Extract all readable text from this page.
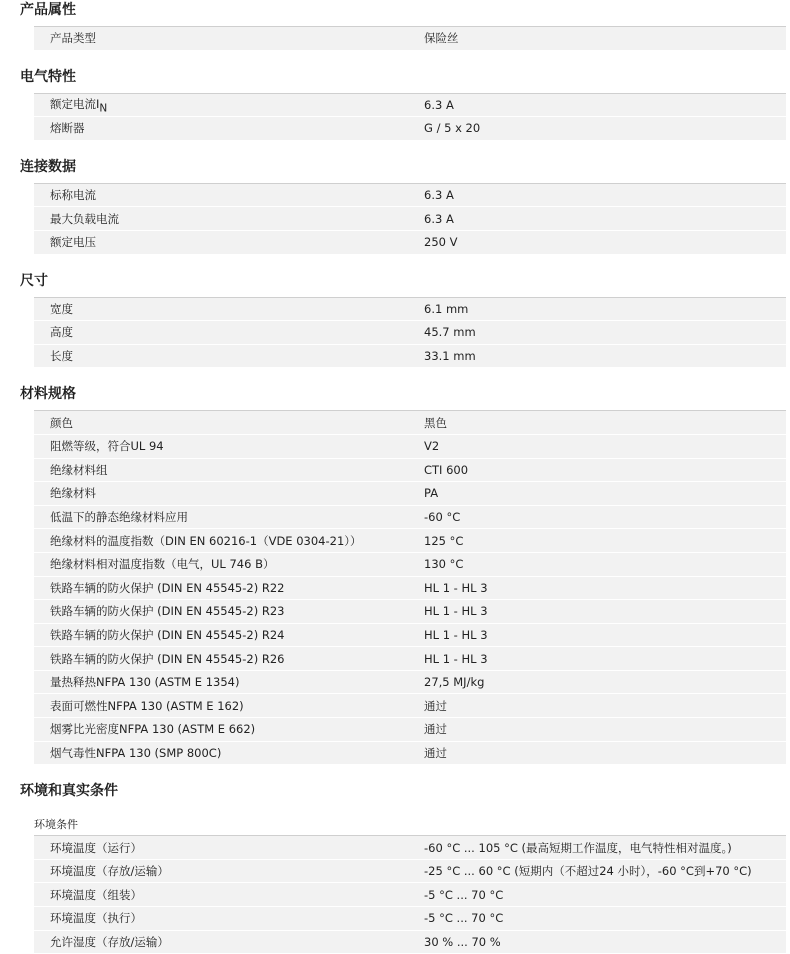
产品属性
产品类型	保险丝
电气特性
额定电流IN	6.3 A
熔断器	G / 5 x 20
连接数据
标称电流	6.3 A
最大负载电流	6.3 A
额定电压	250 V
尺寸
宽度	6.1 mm
高度	45.7 mm
长度	33.1 mm
材料规格
颜色	黑色
阻燃等级，符合UL 94	V2
绝缘材料组	CTI 600
绝缘材料	PA
低温下的静态绝缘材料应用	-60 °C
绝缘材料的温度指数（DIN EN 60216-1（VDE 0304-21））	125 °C
绝缘材料相对温度指数（电气，UL 746 B）	130 °C
铁路车辆的防火保护 (DIN EN 45545-2) R22	HL 1 - HL 3
铁路车辆的防火保护 (DIN EN 45545-2) R23	HL 1 - HL 3
铁路车辆的防火保护 (DIN EN 45545-2) R24	HL 1 - HL 3
铁路车辆的防火保护 (DIN EN 45545-2) R26	HL 1 - HL 3
量热释热NFPA 130 (ASTM E 1354)	27,5 MJ/kg
表面可燃性NFPA 130 (ASTM E 162)	通过
烟雾比光密度NFPA 130 (ASTM E 662)	通过
烟气毒性NFPA 130 (SMP 800C)	通过
环境和真实条件
环境条件
环境温度（运行）	-60 °C ... 105 °C (最高短期工作温度，电气特性相对温度。)
环境温度（存放/运输）	-25 °C ... 60 °C (短期内（不超过24 小时），-60 °C到+70 °C)
环境温度（组装）	-5 °C ... 70 °C
环境温度（执行）	-5 °C ... 70 °C
允许湿度（存放/运输）	30 % ... 70 %
